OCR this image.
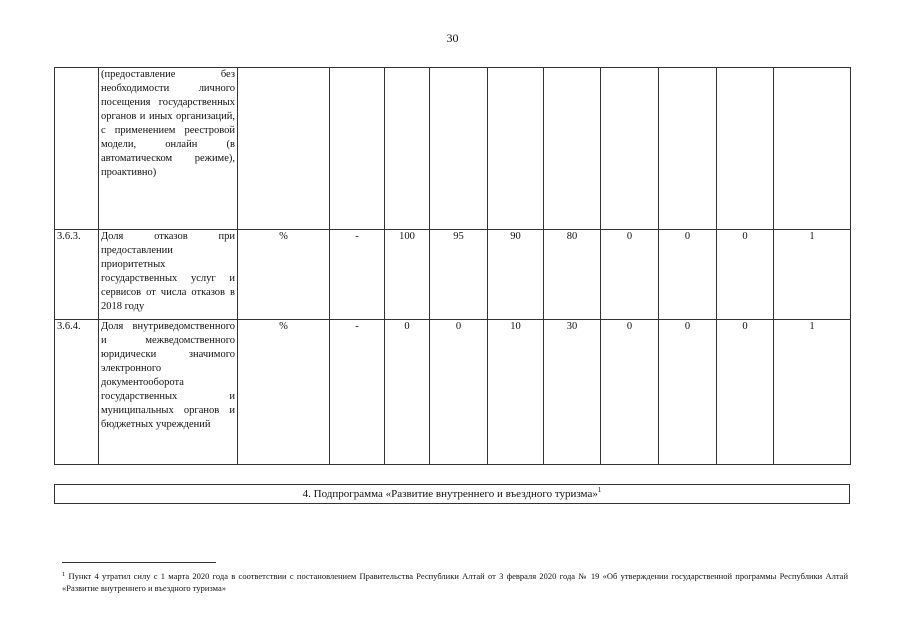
30
	(предоставление без необходимости личного посещения государственных органов и иных организаций, с применением реестровой модели, онлайн (в автоматическом режиме), проактивно)										
3.6.3.	Доля отказов при предоставлении приоритетных государственных услуг и сервисов от числа отказов в 2018 году	%	-	100	95	90	80	0	0	0	1
3.6.4.	Доля внутриведомственного и межведомственного юридически значимого электронного документооборота государственных и муниципальных органов и бюджетных учреждений	%	-	0	0	10	30	0	0	0	1
4. Подпрограмма «Развитие внутреннего и въездного туризма»$^1$
$^1$ Пункт 4 утратил силу с 1 марта 2020 года в соответствии с постановлением Правительства Республики Алтай от 3 февраля 2020 года № 19 «Об утверждении государственной программы Республики Алтай «Развитие внутреннего и въездного туризма»
